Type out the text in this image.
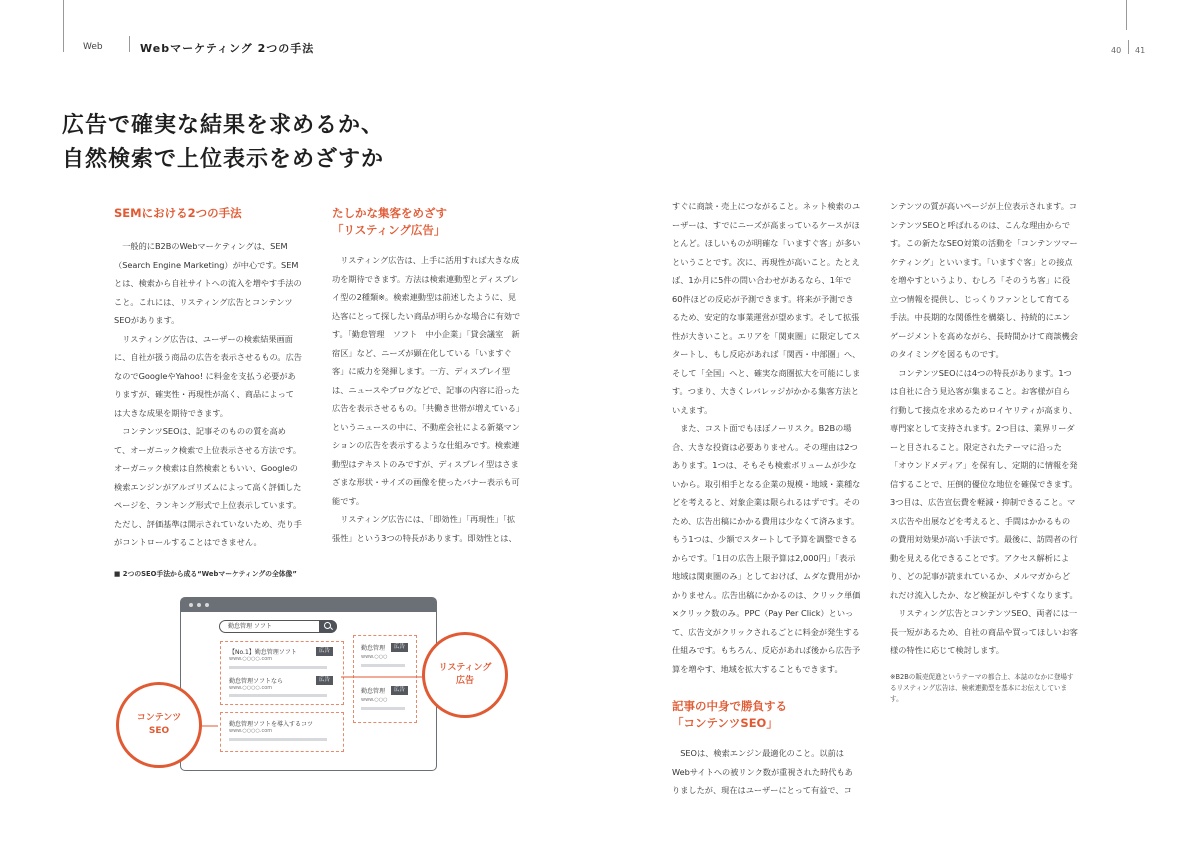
Web	Webマーケティング 2つの手法	40 41
広告で確実な結果を求めるか、
自然検索で上位表示をめざすか
SEMにおける2つの手法

一般的にB2BのWebマーケティングは、SEM（Search Engine Marketing）が中心です。SEMとは、検索から自社サイトへの流入を増やす手法のこと。これには、リスティング広告とコンテンツSEOがあります。

リスティング広告は、ユーザーの検索結果画面に、自社が扱う商品の広告を表示させるもの。広告なのでGoogleやYahoo! に料金を支払う必要がありますが、確実性・再現性が高く、商品によっては大きな成果を期待できます。

コンテンツSEOは、記事そのものの質を高めて、オーガニック検索で上位表示させる方法です。オーガニック検索は自然検索ともいい、Googleの検索エンジンがアルゴリズムによって高く評価したページを、ランキング形式で上位表示しています。ただし、評価基準は開示されていないため、売り手がコントロールすることはできません。

たしかな集客をめざす
「リスティング広告」

リスティング広告は、上手に活用すれば大きな成功を期待できます。方法は検索連動型とディスプレイ型の2種類※。検索連動型は前述したように、見込客にとって探したい商品が明らかな場合に有効です。「勤怠管理　ソフト　中小企業」「貸会議室　新宿区」など、ニーズが顕在化している「いますぐ客」に威力を発揮します。一方、ディスプレイ型は、ニュースやブログなどで、記事の内容に沿った広告を表示させるもの。「共働き世帯が増えている」というニュースの中に、不動産会社による新築マンションの広告を表示するような仕組みです。検索連動型はテキストのみですが、ディスプレイ型はさまざまな形状・サイズの画像を使ったバナー表示も可能です。

リスティング広告には、「即効性」「再現性」「拡張性」という3つの特長があります。即効性とは、

■ 2つのSEO手法から成る“Webマーケティングの全体像”
勤怠管理 ソフト
【No.1】勤怠管理ソフト	広告
www.○○○○.com
勤怠管理ソフトなら	広告
www.○○○○.com
勤怠管理ソフトを導入するコツ
www.○○○○.com
勤怠管理	広告
www.○○○
勤怠管理	広告
www.○○○
リスティング
広告
コンテンツ
SEO

すぐに商談・売上につながること。ネット検索のユーザーは、すでにニーズが高まっているケースがほとんど。ほしいものが明確な「いますぐ客」が多いということです。次に、再現性が高いこと。たとえば、1か月に5件の問い合わせがあるなら、1年で60件ほどの反応が予測できます。将来が予測できるため、安定的な事業運営が望めます。そして拡張性が大きいこと。エリアを「関東圏」に限定してスタートし、もし反応があれば「関西・中部圏」へ、そして「全国」へと、確実な商圏拡大を可能にします。つまり、大きくレバレッジがかかる集客方法といえます。

また、コスト面でもほぼノーリスク。B2Bの場合、大きな投資は必要ありません。その理由は2つあります。1つは、そもそも検索ボリュームが少ないから。取引相手となる企業の規模・地域・業種などを考えると、対象企業は限られるはずです。そのため、広告出稿にかかる費用は少なくて済みます。もう1つは、少額でスタートして予算を調整できるからです。「1日の広告上限予算は2,000円」「表示地域は関東圏のみ」としておけば、ムダな費用がかかりません。広告出稿にかかるのは、クリック単価×クリック数のみ。PPC（Pay Per Click）といって、広告文がクリックされるごとに料金が発生する仕組みです。もちろん、反応があれば後から広告予算を増やす、地域を拡大することもできます。

記事の中身で勝負する
「コンテンツSEO」

SEOは、検索エンジン最適化のこと。以前はWebサイトへの被リンク数が重視された時代もありましたが、現在はユーザーにとって有益で、コ

ンテンツの質が高いページが上位表示されます。コンテンツSEOと呼ばれるのは、こんな理由からです。この新たなSEO対策の活動を「コンテンツマーケティング」といいます。「いますぐ客」との接点を増やすというより、むしろ「そのうち客」に役立つ情報を提供し、じっくりファンとして育てる手法。中長期的な関係性を構築し、持続的にエンゲージメントを高めながら、長時間かけて商談機会のタイミングを図るものです。

コンテンツSEOには4つの特長があります。1つは自社に合う見込客が集まること。お客様が自ら行動して接点を求めるためロイヤリティが高まり、専門家として支持されます。2つ目は、業界リーダーと目されること。限定されたテーマに沿った「オウンドメディア」を保有し、定期的に情報を発信することで、圧倒的優位な地位を確保できます。3つ目は、広告宣伝費を軽減・抑制できること。マス広告や出展などを考えると、手間はかかるものの費用対効果が高い手法です。最後に、訪問者の行動を見える化できることです。アクセス解析により、どの記事が読まれているか、メルマガからどれだけ流入したか、など検証がしやすくなります。

リスティング広告とコンテンツSEO、両者には一長一短があるため、自社の商品や買ってほしいお客様の特性に応じて検討します。

※B2Bの販売促進というテーマの都合上、本誌のなかに登場するリスティング広告は、検索連動型を基本にお伝えしています。
